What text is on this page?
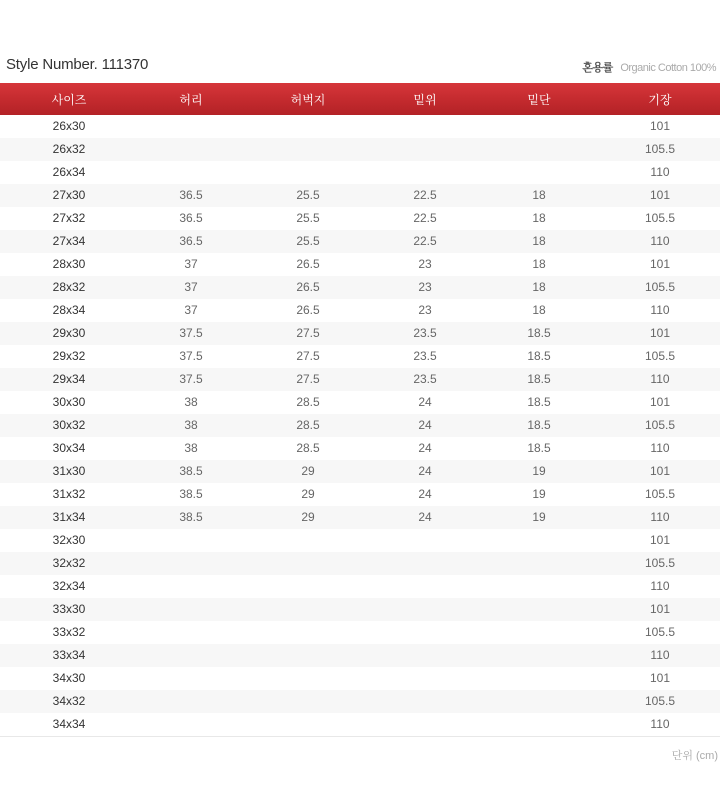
Style Number. 111370	혼용률 Organic Cotton 100%
사이즈	허리	허벅지	밑위	밑단	기장
26x30					101
26x32					105.5
26x34					110
27x30	36.5	25.5	22.5	18	101
27x32	36.5	25.5	22.5	18	105.5
27x34	36.5	25.5	22.5	18	110
28x30	37	26.5	23	18	101
28x32	37	26.5	23	18	105.5
28x34	37	26.5	23	18	110
29x30	37.5	27.5	23.5	18.5	101
29x32	37.5	27.5	23.5	18.5	105.5
29x34	37.5	27.5	23.5	18.5	110
30x30	38	28.5	24	18.5	101
30x32	38	28.5	24	18.5	105.5
30x34	38	28.5	24	18.5	110
31x30	38.5	29	24	19	101
31x32	38.5	29	24	19	105.5
31x34	38.5	29	24	19	110
32x30					101
32x32					105.5
32x34					110
33x30					101
33x32					105.5
33x34					110
34x30					101
34x32					105.5
34x34					110
단위 (cm)
